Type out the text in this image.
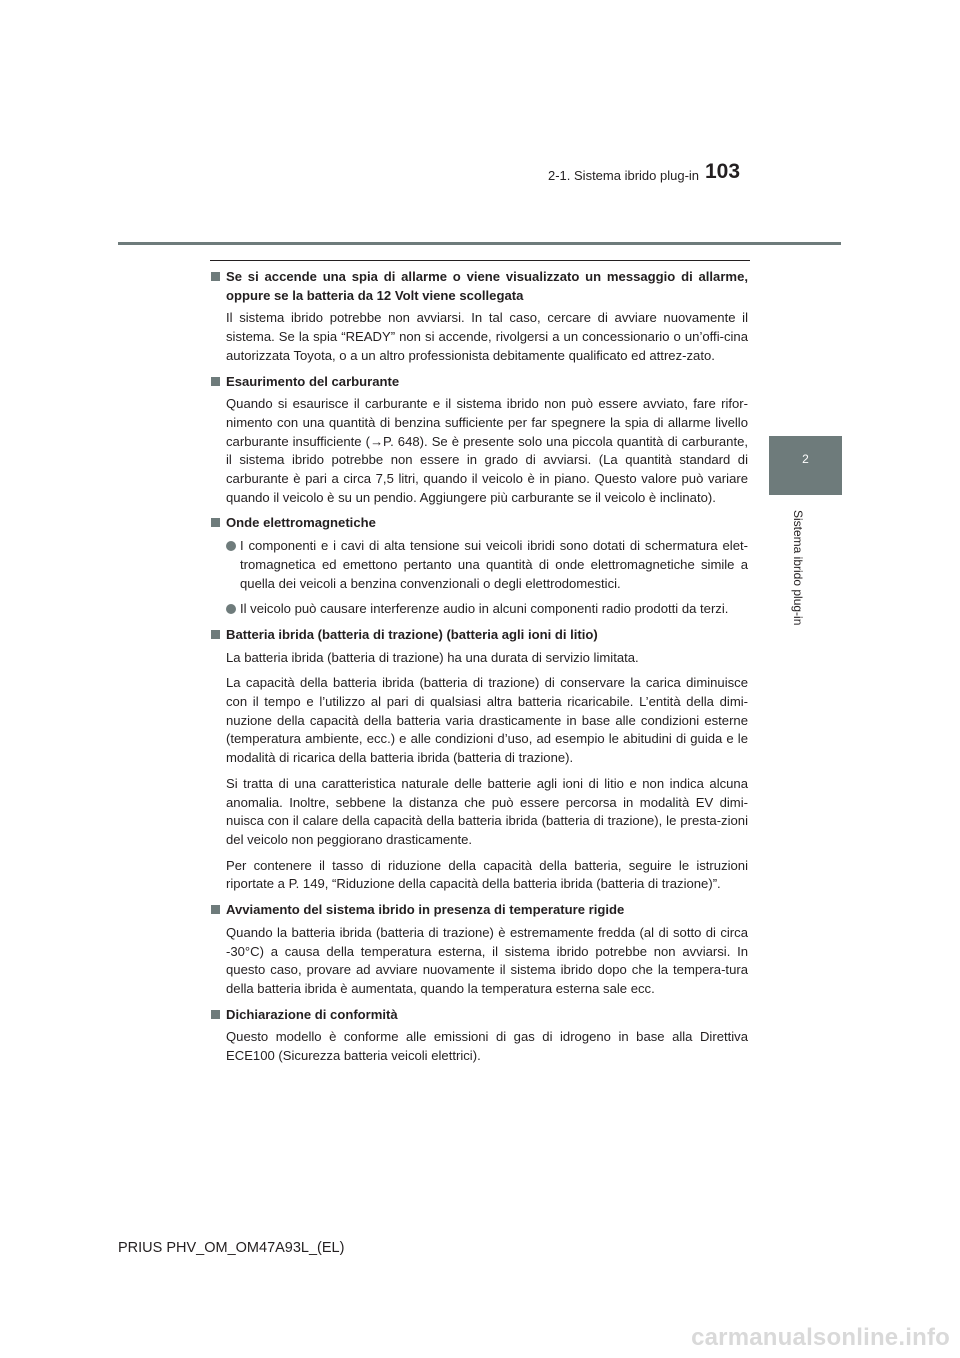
2-1. Sistema ibrido plug-in 103
2
Sistema ibrido plug-in
Se si accende una spia di allarme o viene visualizzato un messaggio di allarme, oppure se la batteria da 12 Volt viene scollegata
Il sistema ibrido potrebbe non avviarsi. In tal caso, cercare di avviare nuovamente il sistema. Se la spia “READY” non si accende, rivolgersi a un concessionario o un’offi-cina autorizzata Toyota, o a un altro professionista debitamente qualificato ed attrez-zato.
Esaurimento del carburante
Quando si esaurisce il carburante e il sistema ibrido non può essere avviato, fare rifor-nimento con una quantità di benzina sufficiente per far spegnere la spia di allarme livello carburante insufficiente (→P. 648). Se è presente solo una piccola quantità di carburante, il sistema ibrido potrebbe non essere in grado di avviarsi. (La quantità standard di carburante è pari a circa 7,5 litri, quando il veicolo è in piano. Questo valore può variare quando il veicolo è su un pendio. Aggiungere più carburante se il veicolo è inclinato).
Onde elettromagnetiche
I componenti e i cavi di alta tensione sui veicoli ibridi sono dotati di schermatura elet-tromagnetica ed emettono pertanto una quantità di onde elettromagnetiche simile a quella dei veicoli a benzina convenzionali o degli elettrodomestici.
Il veicolo può causare interferenze audio in alcuni componenti radio prodotti da terzi.
Batteria ibrida (batteria di trazione) (batteria agli ioni di litio)
La batteria ibrida (batteria di trazione) ha una durata di servizio limitata.
La capacità della batteria ibrida (batteria di trazione) di conservare la carica diminuisce con il tempo e l’utilizzo al pari di qualsiasi altra batteria ricaricabile. L’entità della dimi-nuzione della capacità della batteria varia drasticamente in base alle condizioni esterne (temperatura ambiente, ecc.) e alle condizioni d’uso, ad esempio le abitudini di guida e le modalità di ricarica della batteria ibrida (batteria di trazione).
Si tratta di una caratteristica naturale delle batterie agli ioni di litio e non indica alcuna anomalia. Inoltre, sebbene la distanza che può essere percorsa in modalità EV dimi-nuisca con il calare della capacità della batteria ibrida (batteria di trazione), le presta-zioni del veicolo non peggiorano drasticamente.
Per contenere il tasso di riduzione della capacità della batteria, seguire le istruzioni riportate a P. 149, “Riduzione della capacità della batteria ibrida (batteria di trazione)”.
Avviamento del sistema ibrido in presenza di temperature rigide
Quando la batteria ibrida (batteria di trazione) è estremamente fredda (al di sotto di circa -30°C) a causa della temperatura esterna, il sistema ibrido potrebbe non avviarsi. In questo caso, provare ad avviare nuovamente il sistema ibrido dopo che la tempera-tura della batteria ibrida è aumentata, quando la temperatura esterna sale ecc.
Dichiarazione di conformità
Questo modello è conforme alle emissioni di gas di idrogeno in base alla Direttiva ECE100 (Sicurezza batteria veicoli elettrici).
PRIUS PHV_OM_OM47A93L_(EL)
carmanualsonline.info
